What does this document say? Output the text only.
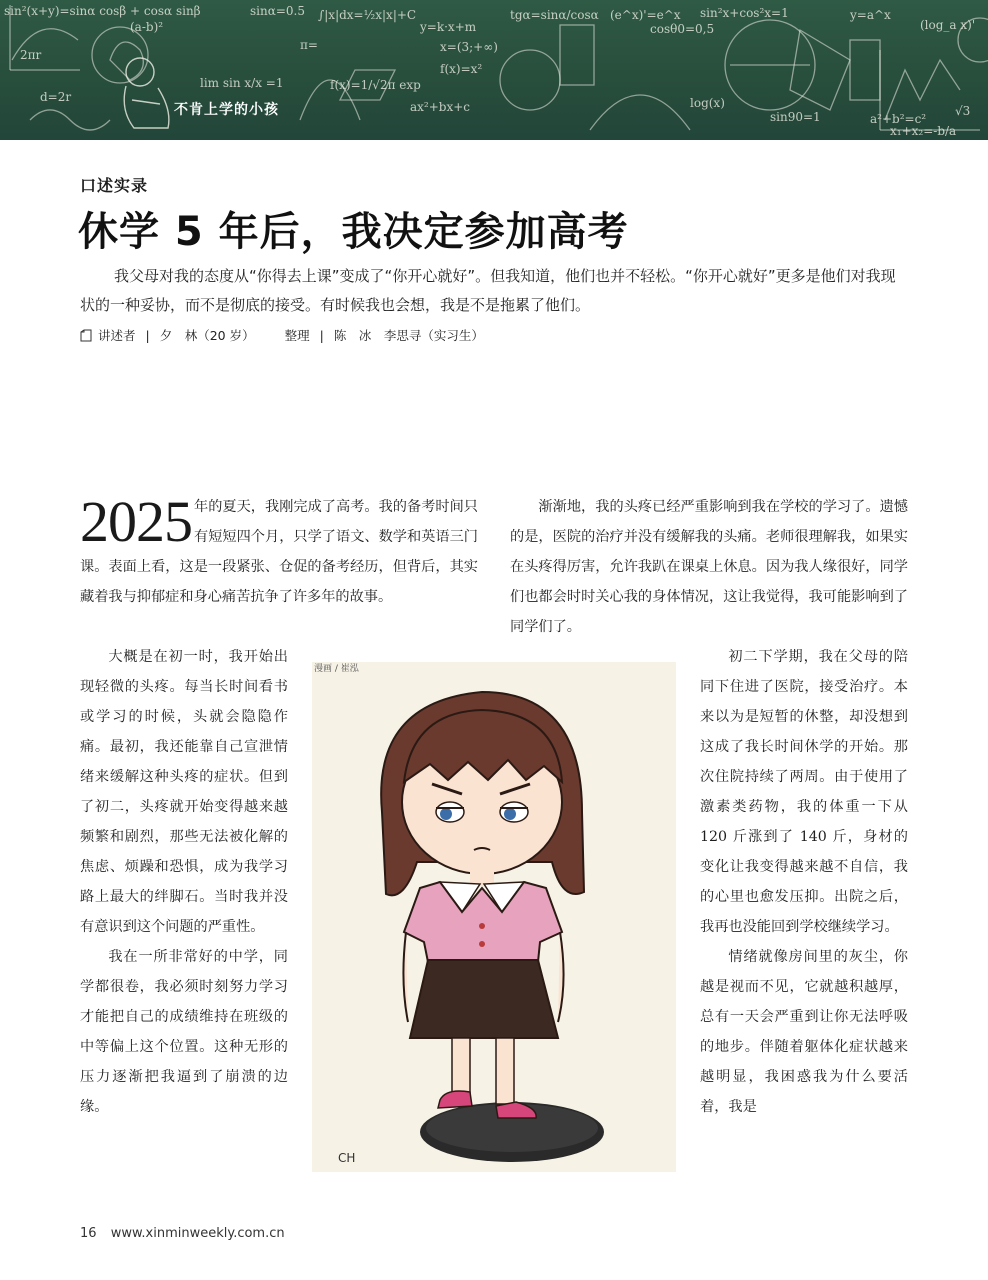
sin²(x+y)=sinα cosβ + cosα sinβ
(a-b)²
sinα=0.5 ∫|x|dx=½x|x|+C	tgα=sinα/cosα (e^x)'=e^x sin²x+cos²x=1	y=a^x
(log_a x)'
x=(3;+∞)
π=
cosθ0=0,5
f(x)=x²
a²+b²=c²
lim sin x/x =1
y=k·x+m
2πr
d=2r
√3
sin90=1
x₁+x₂=-b/a
f(x)=1/√2π exp
ax²+bx+c	log(x)
不肯上学的小孩
口述实录
休学 5 年后，我决定参加高考

我父母对我的态度从“你得去上课”变成了“你开心就好”。但我知道，他们也并不轻松。“你开心就好”更多是他们对我现状的一种妥协，而不是彻底的接受。有时候我也会想，我是不是拖累了他们。

讲述者 | 夕　林（20 岁） 整理 | 陈　冰　李思寻（实习生）

2025 年的夏天，我刚完成了高考。我的备考时间只有短短四个月，只学了语文、数学和英语三门课。表面上看，这是一段紧张、仓促的备考经历，但背后，其实藏着我与抑郁症和身心痛苦抗争了许多年的故事。

渐渐地，我的头疼已经严重影响到我在学校的学习了。遗憾的是，医院的治疗并没有缓解我的头痛。老师很理解我，如果实在头疼得厉害，允许我趴在课桌上休息。因为我人缘很好，同学们也都会时时关心我的身体情况，这让我觉得，我可能影响到了同学们了。

大概是在初一时，我开始出现轻微的头疼。每当长时间看书或学习的时候，头就会隐隐作痛。最初，我还能靠自己宣泄情绪来缓解这种头疼的症状。但到了初二，头疼就开始变得越来越频繁和剧烈，那些无法被化解的焦虑、烦躁和恐惧，成为我学习路上最大的绊脚石。当时我并没有意识到这个问题的严重性。

我在一所非常好的中学，同学都很卷，我必须时刻努力学习才能把自己的成绩维持在班级的中等偏上这个位置。这种无形的压力逐渐把我逼到了崩溃的边缘。

初二下学期，我在父母的陪同下住进了医院，接受治疗。本来以为是短暂的休整，却没想到这成了我长时间休学的开始。那次住院持续了两周。由于使用了激素类药物，我的体重一下从 120 斤涨到了 140 斤，身材的变化让我变得越来越不自信，我的心里也愈发压抑。出院之后，我再也没能回到学校继续学习。

情绪就像房间里的灰尘，你越是视而不见，它就越积越厚，总有一天会严重到让你无法呼吸的地步。伴随着躯体化症状越来越明显，我困惑我为什么要活着，我是

CH
漫画 / 崔泓
16 www.xinminweekly.com.cn
